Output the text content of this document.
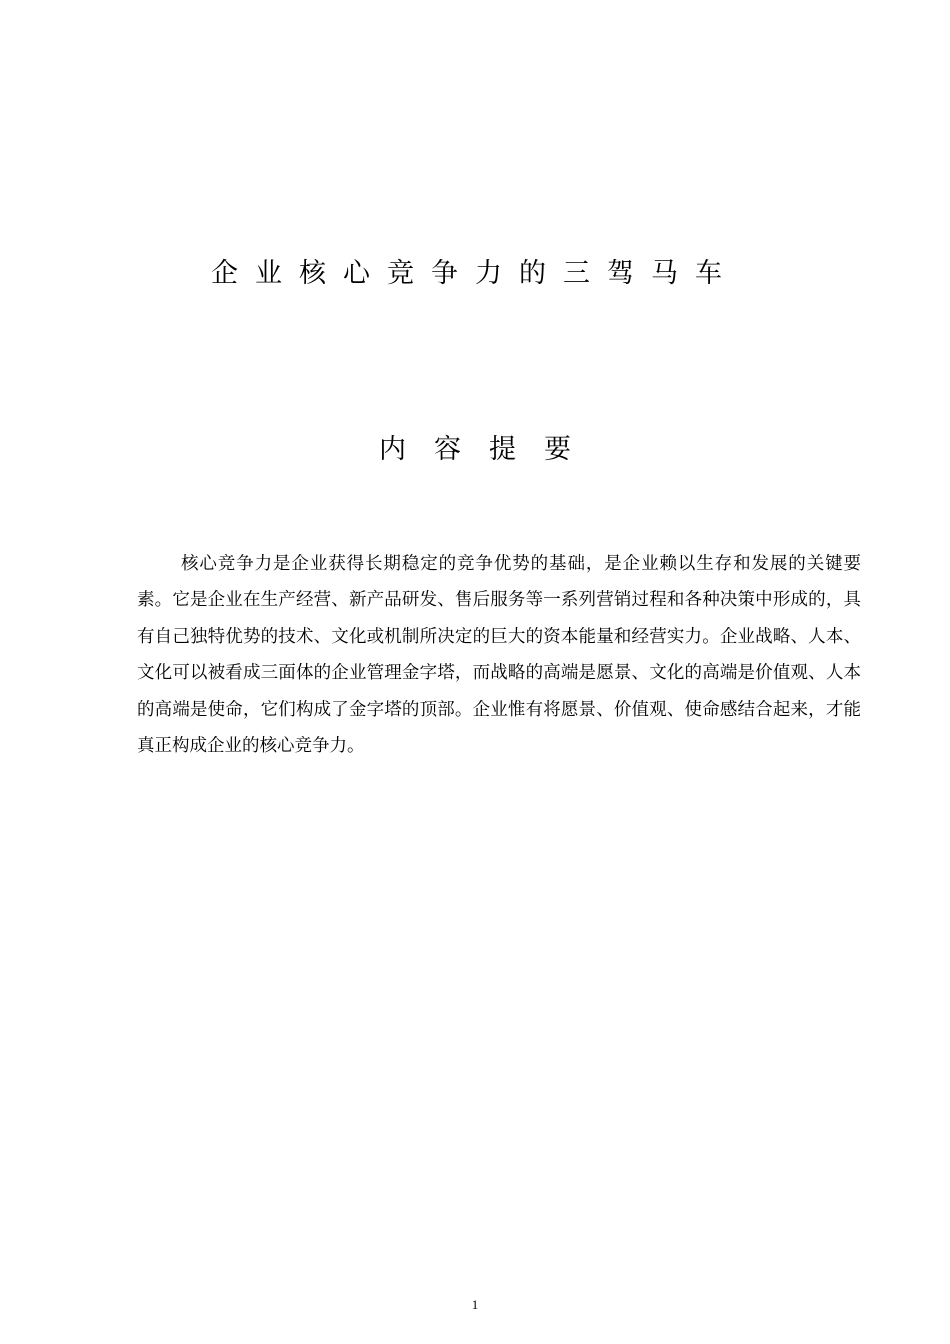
企业核心竞争力的三驾马车
内容提要

核心竞争力是企业获得长期稳定的竞争优势的基础，是企业赖以生存和发展的关键要素。它是企业在生产经营、新产品研发、售后服务等一系列营销过程和各种决策中形成的，具有自己独特优势的技术、文化或机制所决定的巨大的资本能量和经营实力。企业战略、人本、文化可以被看成三面体的企业管理金字塔，而战略的高端是愿景、文化的高端是价值观、人本的高端是使命，它们构成了金字塔的顶部。企业惟有将愿景、价值观、使命感结合起来，才能真正构成企业的核心竞争力。

1
